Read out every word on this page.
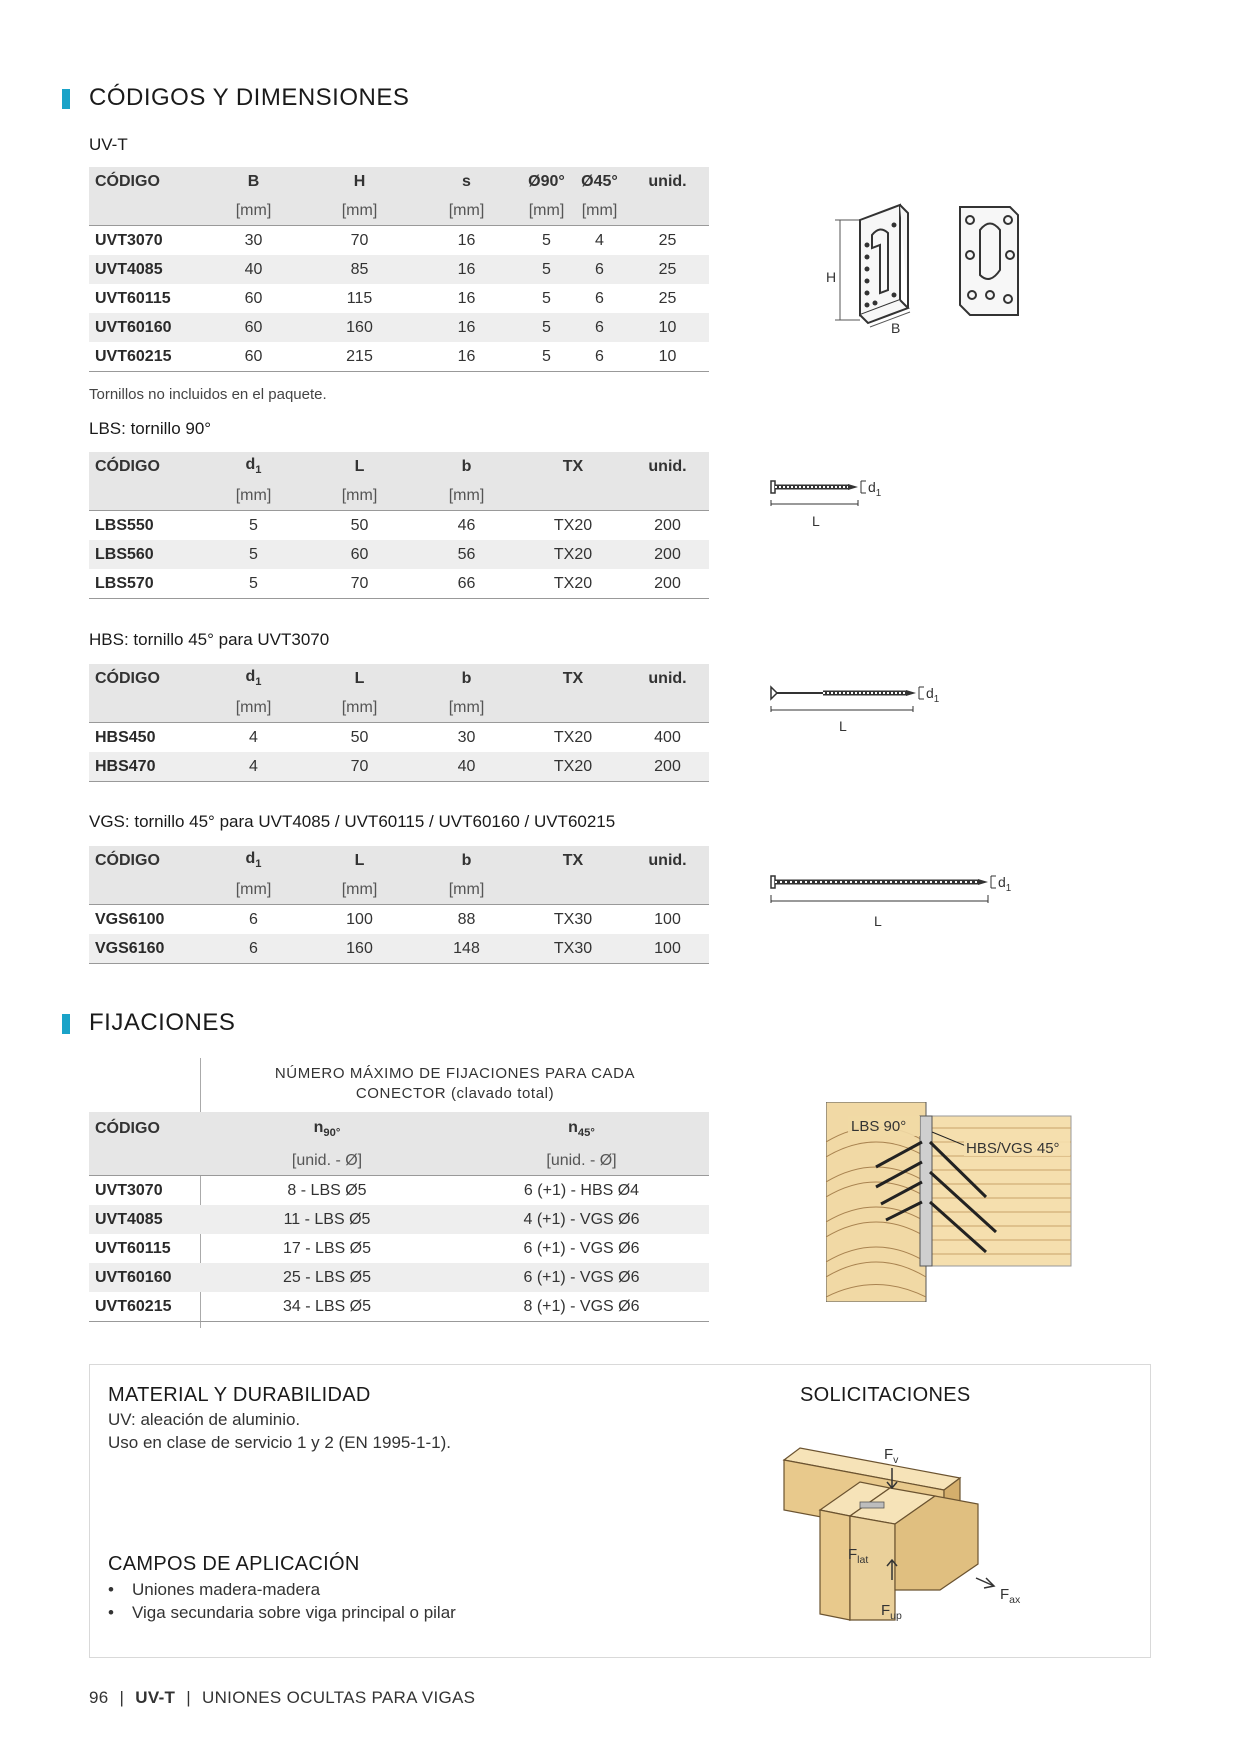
CÓDIGOS Y DIMENSIONES
UV-T
CÓDIGO	B	H	s	Ø90°	Ø45°	unid.
	[mm]	[mm]	[mm]	[mm]	[mm]	
UVT3070	30	70	16	5	4	25
UVT4085	40	85	16	5	6	25
UVT60115	60	115	16	5	6	25
UVT60160	60	160	16	5	6	10
UVT60215	60	215	16	5	6	10
Tornillos no incluidos en el paquete.
H
B
LBS: tornillo 90°
CÓDIGO	$d_1$	L	b	TX	unid.
	[mm]	[mm]	[mm]		
LBS550	5	50	46	TX20	200
LBS560	5	60	56	TX20	200
LBS570	5	70	66	TX20	200
$d_1$
L
HBS: tornillo 45° para UVT3070
CÓDIGO	$d_1$	L	b	TX	unid.
	[mm]	[mm]	[mm]		
HBS450	4	50	30	TX20	400
HBS470	4	70	40	TX20	200
$d_1$
L
VGS: tornillo 45° para UVT4085 / UVT60115 / UVT60160 / UVT60215
CÓDIGO	$d_1$	L	b	TX	unid.
	[mm]	[mm]	[mm]		
VGS6100	6	100	88	TX30	100
VGS6160	6	160	148	TX30	100
$d_1$
L
FIJACIONES
NÚMERO MÁXIMO DE FIJACIONES PARA CADA CONECTOR (clavado total)
CÓDIGO	$n_{90^\circ}$	$n_{45^\circ}$
	[unid. - Ø]	[unid. - Ø]
UVT3070	8 - LBS Ø5	6 (+1) - HBS Ø4
UVT4085	11 - LBS Ø5	4 (+1) - VGS Ø6
UVT60115	17 - LBS Ø5	6 (+1) - VGS Ø6
UVT60160	25 - LBS Ø5	6 (+1) - VGS Ø6
UVT60215	34 - LBS Ø5	8 (+1) - VGS Ø6
LBS 90°
HBS/VGS 45°
MATERIAL Y DURABILIDAD
UV: aleación de aluminio.
Uso en clase de servicio 1 y 2 (EN 1995-1-1).
CAMPOS DE APLICACIÓN
• Uniones madera-madera
• Viga secundaria sobre viga principal o pilar
SOLICITACIONES
$F_v$
$F_{lat}$
$F_{ax}$
$F_{up}$
96 | UV-T | UNIONES OCULTAS PARA VIGAS
